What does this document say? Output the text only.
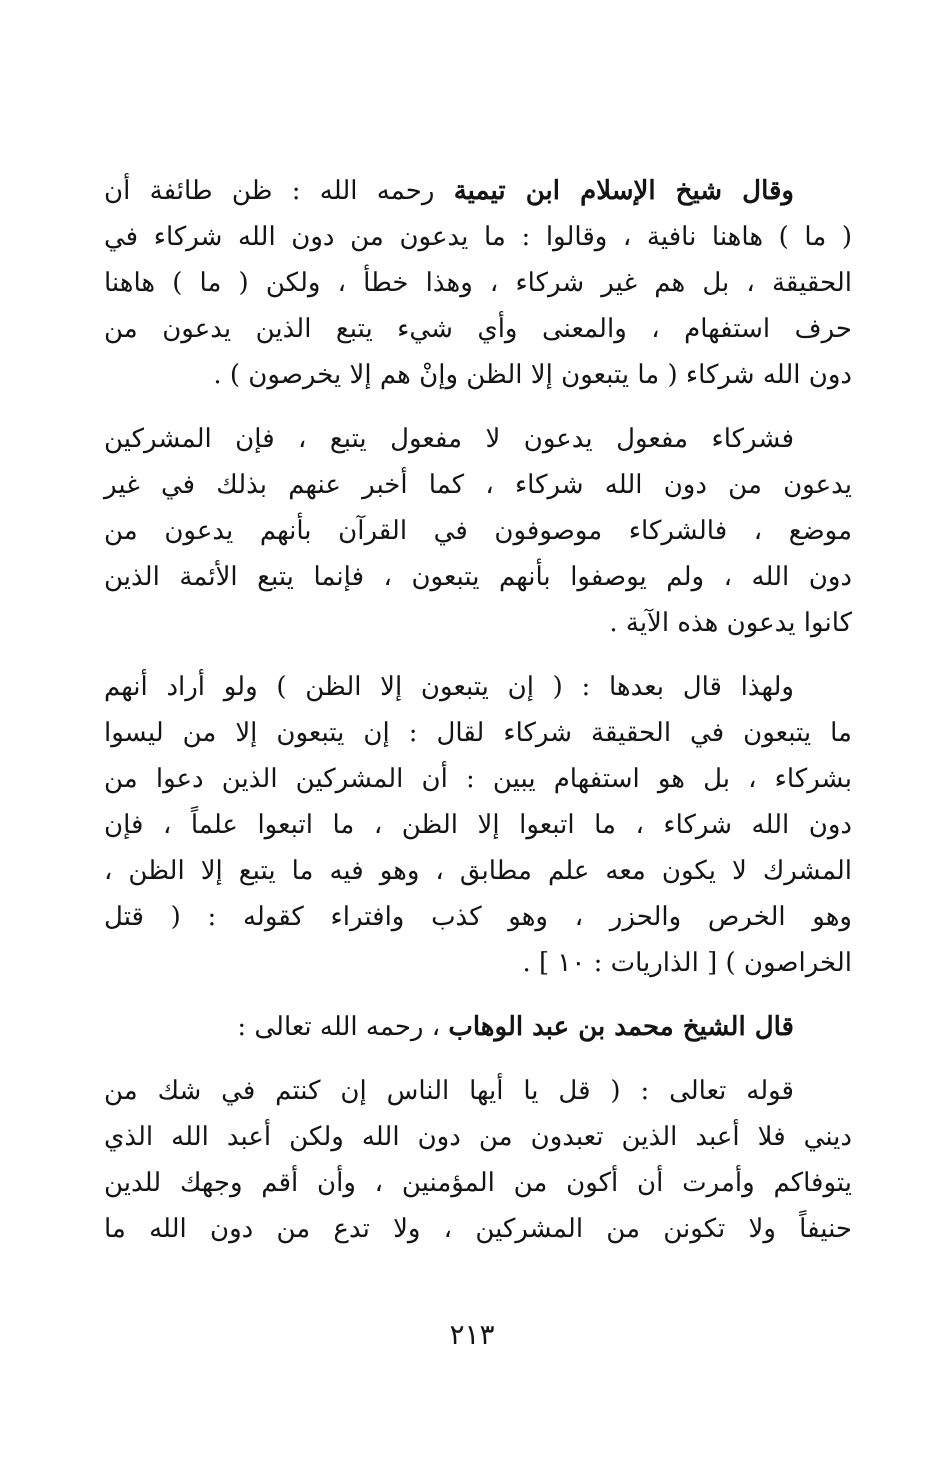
وقال شيخ الإسلام ابن تيمية رحمه الله : ظن طائفة أن
( ما ) هاهنا نافية ، وقالوا : ما يدعون من دون الله شركاء في
الحقيقة ، بل هم غير شركاء ، وهذا خطأ ، ولكن ( ما ) هاهنا
حرف استفهام ، والمعنى وأي شيء يتبع الذين يدعون من
دون الله شركاء ( ما يتبعون إلا الظن وإنْ هم إلا يخرصون ) .
فشركاء مفعول يدعون لا مفعول يتبع ، فإن المشركين
يدعون من دون الله شركاء ، كما أخبر عنهم بذلك في غير
موضع ، فالشركاء موصوفون في القرآن بأنهم يدعون من
دون الله ، ولم يوصفوا بأنهم يتبعون ، فإنما يتبع الأئمة الذين
كانوا يدعون هذه الآية .
ولهذا قال بعدها : ( إن يتبعون إلا الظن ) ولو أراد أنهم
ما يتبعون في الحقيقة شركاء لقال : إن يتبعون إلا من ليسوا
بشركاء ، بل هو استفهام يبين : أن المشركين الذين دعوا من
دون الله شركاء ، ما اتبعوا إلا الظن ، ما اتبعوا علماً ، فإن
المشرك لا يكون معه علم مطابق ، وهو فيه ما يتبع إلا الظن ،
وهو الخرص والحزر ، وهو كذب وافتراء كقوله : ( قتل
الخراصون ) [ الذاريات : ١٠ ] .
قال الشيخ محمد بن عبد الوهاب ، رحمه الله تعالى :
قوله تعالى : ( قل يا أيها الناس إن كنتم في شك من
ديني فلا أعبد الذين تعبدون من دون الله ولكن أعبد الله الذي
يتوفاكم وأمرت أن أكون من المؤمنين ، وأن أقم وجهك للدين
حنيفاً ولا تكونن من المشركين ، ولا تدع من دون الله ما
٢١٣
